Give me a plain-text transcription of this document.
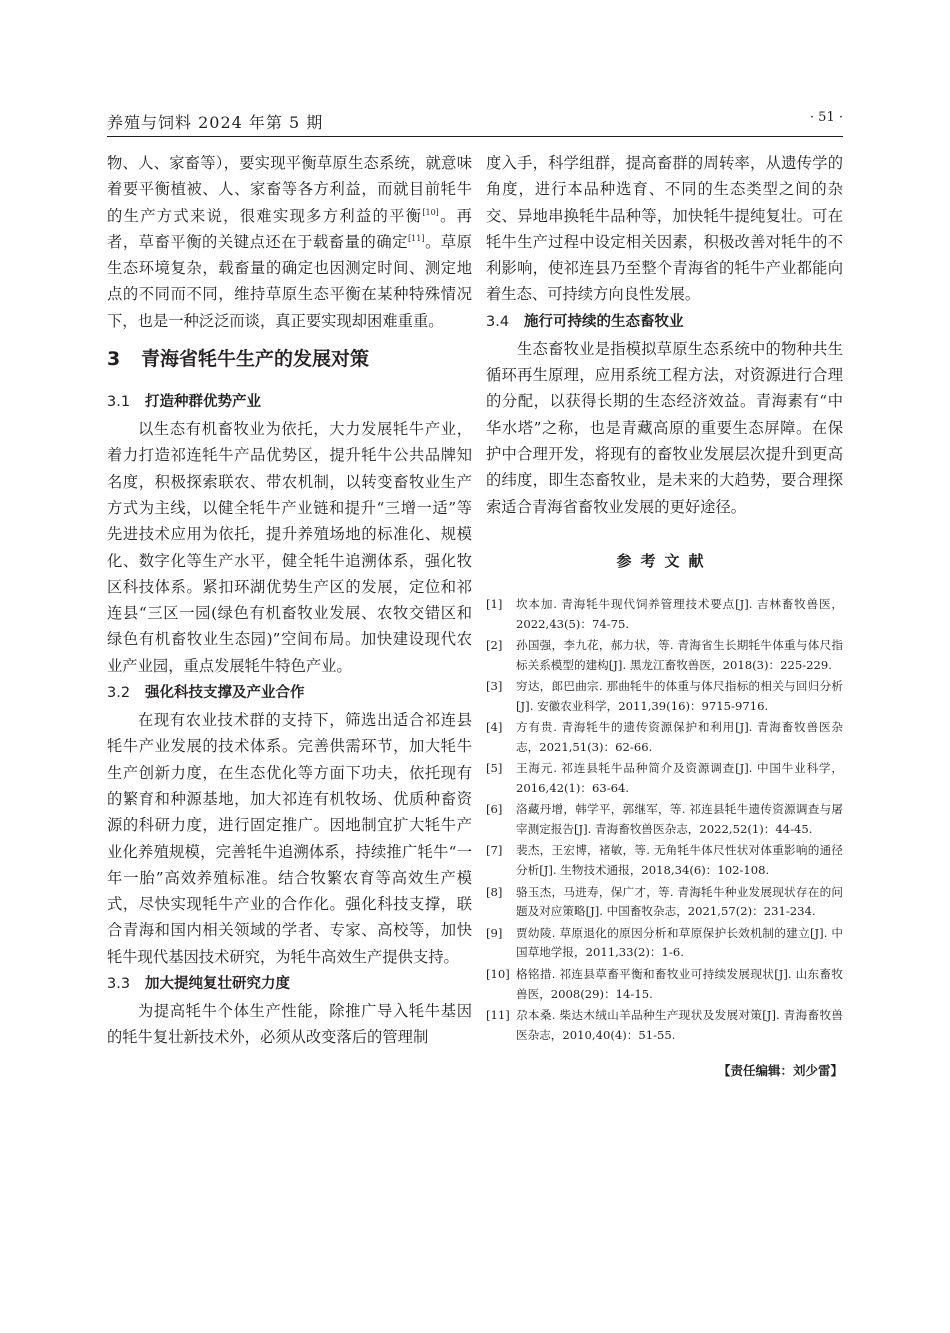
养殖与饲料 2024 年第 5 期	· 51 ·

物、人、家畜等），要实现平衡草原生态系统，就意味着要平衡植被、人、家畜等各方利益，而就目前牦牛的生产方式来说，很难实现多方利益的平衡[10]。再者，草畜平衡的关键点还在于载畜量的确定[11]。草原生态环境复杂，载畜量的确定也因测定时间、测定地点的不同而不同，维持草原生态平衡在某种特殊情况下，也是一种泛泛而谈，真正要实现却困难重重。

3 青海省牦牛生产的发展对策
3.1 打造种群优势产业

以生态有机畜牧业为依托，大力发展牦牛产业，着力打造祁连牦牛产品优势区，提升牦牛公共品牌知名度，积极探索联农、带农机制，以转变畜牧业生产方式为主线，以健全牦牛产业链和提升“三增一适”等先进技术应用为依托，提升养殖场地的标准化、规模化、数字化等生产水平，健全牦牛追溯体系，强化牧区科技体系。紧扣环湖优势生产区的发展，定位和祁连县“三区一园(绿色有机畜牧业发展、农牧交错区和绿色有机畜牧业生态园)”空间布局。加快建设现代农业产业园，重点发展牦牛特色产业。

3.2 强化科技支撑及产业合作

在现有农业技术群的支持下，筛选出适合祁连县牦牛产业发展的技术体系。完善供需环节，加大牦牛生产创新力度，在生态优化等方面下功夫，依托现有的繁育和种源基地，加大祁连有机牧场、优质种畜资源的科研力度，进行固定推广。因地制宜扩大牦牛产业化养殖规模，完善牦牛追溯体系，持续推广牦牛“一年一胎”高效养殖标准。结合牧繁农育等高效生产模式，尽快实现牦牛产业的合作化。强化科技支撑，联合青海和国内相关领域的学者、专家、高校等，加快牦牛现代基因技术研究，为牦牛高效生产提供支持。

3.3 加大提纯复壮研究力度

为提高牦牛个体生产性能，除推广导入牦牛基因的牦牛复壮新技术外，必须从改变落后的管理制

度入手，科学组群，提高畜群的周转率，从遗传学的角度，进行本品种选育、不同的生态类型之间的杂交、异地串换牦牛品种等，加快牦牛提纯复壮。可在牦牛生产过程中设定相关因素，积极改善对牦牛的不利影响，使祁连县乃至整个青海省的牦牛产业都能向着生态、可持续方向良性发展。

3.4 施行可持续的生态畜牧业

生态畜牧业是指模拟草原生态系统中的物种共生循环再生原理，应用系统工程方法，对资源进行合理的分配，以获得长期的生态经济效益。青海素有“中华水塔”之称，也是青藏高原的重要生态屏障。在保护中合理开发，将现有的畜牧业发展层次提升到更高的纬度，即生态畜牧业，是未来的大趋势，要合理探索适合青海省畜牧业发展的更好途径。

参考文献
[1] 坎本加. 青海牦牛现代饲养管理技术要点[J]. 吉林畜牧兽医，2022,43(5)：74-75.
[2] 孙国强，李九花，郝力状，等. 青海省生长期牦牛体重与体尺指标关系模型的建构[J]. 黑龙江畜牧兽医，2018(3)：225-229.
[3] 穷达，郎巴曲宗. 那曲牦牛的体重与体尺指标的相关与回归分析[J]. 安徽农业科学，2011,39(16)：9715-9716.
[4] 方有贵. 青海牦牛的遗传资源保护和利用[J]. 青海畜牧兽医杂志，2021,51(3)：62-66.
[5] 王海元. 祁连县牦牛品种简介及资源调查[J]. 中国牛业科学，2016,42(1)：63-64.
[6] 洛藏丹增，韩学平，郭继军，等. 祁连县牦牛遗传资源调查与屠宰测定报告[J]. 青海畜牧兽医杂志，2022,52(1)：44-45.
[7] 裴杰，王宏博，褚敏，等. 无角牦牛体尺性状对体重影响的通径分析[J]. 生物技术通报，2018,34(6)：102-108.
[8] 骆玉杰，马进寿，保广才，等. 青海牦牛种业发展现状存在的问题及对应策略[J]. 中国畜牧杂志，2021,57(2)：231-234.
[9] 贾幼陵. 草原退化的原因分析和草原保护长效机制的建立[J]. 中国草地学报，2011,33(2)：1-6.
[10] 格铭措. 祁连县草畜平衡和畜牧业可持续发展现状[J]. 山东畜牧兽医，2008(29)：14-15.
[11] 尕本桑. 柴达木绒山羊品种生产现状及发展对策[J]. 青海畜牧兽医杂志，2010,40(4)：51-55.
【责任编辑：刘少雷】
